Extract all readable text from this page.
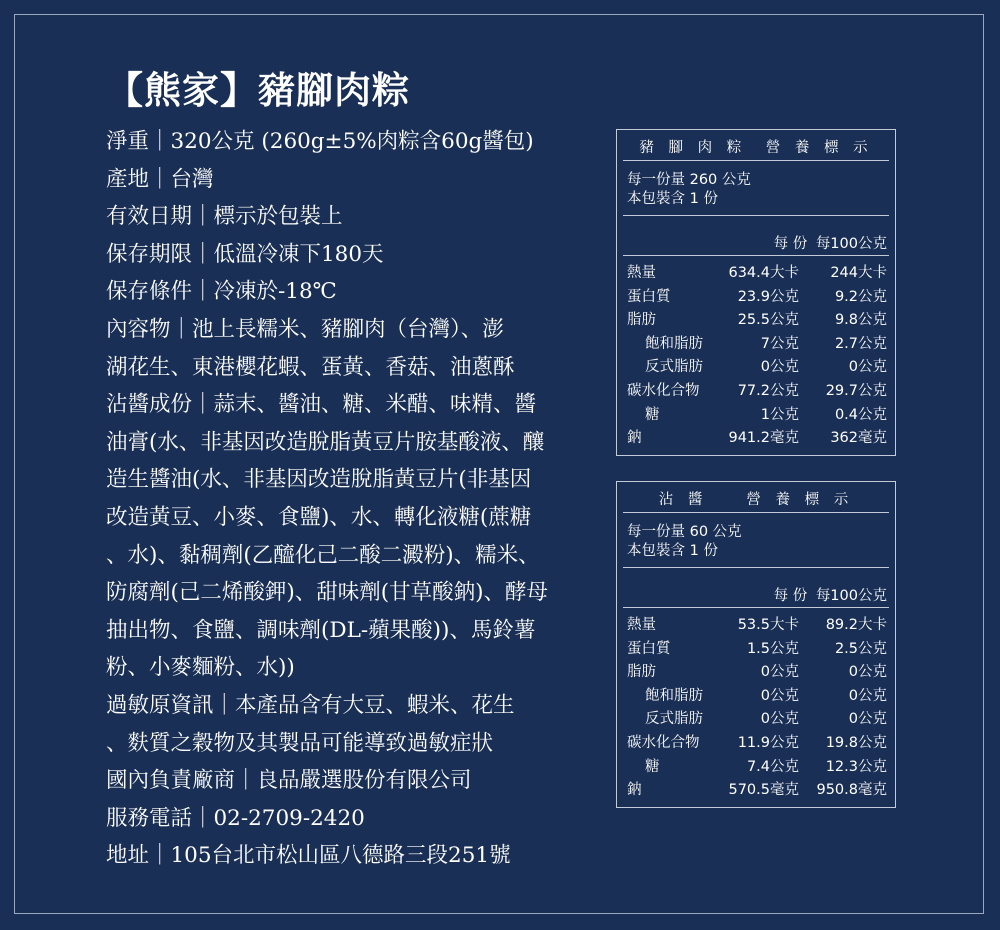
【熊家】豬腳肉粽
淨重｜320公克 (260g±5%肉粽含60g醬包)
產地｜台灣
有效日期｜標示於包裝上
保存期限｜低溫冷凍下180天
保存條件｜冷凍於-18℃
內容物｜池上長糯米、豬腳肉（台灣）、澎
湖花生、東港櫻花蝦、蛋黃、香菇、油蔥酥
沾醬成份｜蒜末、醬油、糖、米醋、味精、醬
油膏(水、非基因改造脫脂黃豆片胺基酸液、釀
造生醬油(水、非基因改造脫脂黃豆片(非基因
改造黃豆、小麥、食鹽)、水、轉化液糖(蔗糖
、水)、黏稠劑(乙醯化己二酸二澱粉)、糯米、
防腐劑(己二烯酸鉀)、甜味劑(甘草酸鈉)、酵母
抽出物、食鹽、調味劑(DL-蘋果酸))、馬鈴薯
粉、小麥麵粉、水))
過敏原資訊｜本產品含有大豆、蝦米、花生
、麩質之穀物及其製品可能導致過敏症狀
國內負責廠商｜良品嚴選股份有限公司
服務電話｜02-2709-2420
地址｜105台北市松山區八德路三段251號
豬 腳 肉 粽　營 養 標 示
每一份量 260 公克
本包裝含 1 份
每 份 每100公克
熱量	634.4大卡	244大卡
蛋白質	23.9公克	9.2公克
脂肪	25.5公克	9.8公克
飽和脂肪	7公克	2.7公克
反式脂肪	0公克	0公克
碳水化合物	77.2公克	29.7公克
糖	1公克	0.4公克
鈉	941.2毫克	362毫克
沾 醬　　營 養 標 示
每一份量 60 公克
本包裝含 1 份
每 份 每100公克
熱量	53.5大卡	89.2大卡
蛋白質	1.5公克	2.5公克
脂肪	0公克	0公克
飽和脂肪	0公克	0公克
反式脂肪	0公克	0公克
碳水化合物	11.9公克	19.8公克
糖	7.4公克	12.3公克
鈉	570.5毫克	950.8毫克
